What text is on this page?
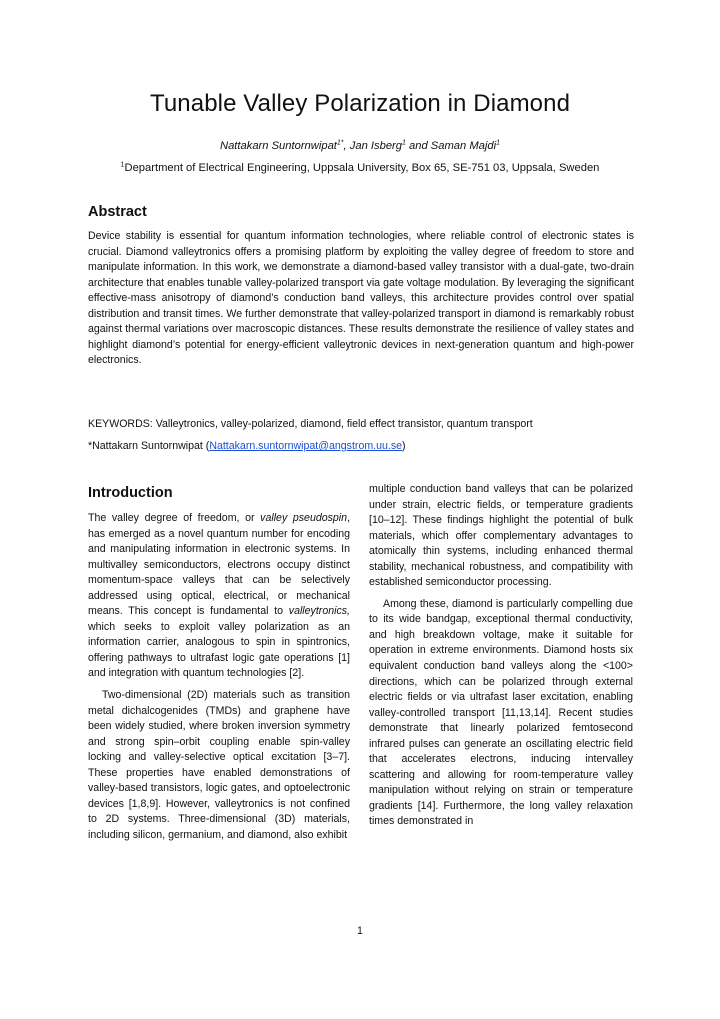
Tunable Valley Polarization in Diamond
Nattakarn Suntornwipat$^{1*}$, Jan Isberg$^1$ and Saman Majdi$^1$
$^1$Department of Electrical Engineering, Uppsala University, Box 65, SE-751 03, Uppsala, Sweden
Abstract

Device stability is essential for quantum information technologies, where reliable control of electronic states is crucial. Diamond valleytronics offers a promising platform by exploiting the valley degree of freedom to store and manipulate information. In this work, we demonstrate a diamond-based valley transistor with a dual-gate, two-drain architecture that enables tunable valley-polarized transport via gate voltage modulation. By leveraging the significant effective-mass anisotropy of diamond’s conduction band valleys, this architecture provides control over spatial distribution and transit times. We further demonstrate that valley-polarized transport in diamond is remarkably robust against thermal variations over macroscopic distances. These results demonstrate the resilience of valley states and highlight diamond’s potential for energy-efficient valleytronic devices in next-generation quantum and high-power electronics.

KEYWORDS: Valleytronics, valley-polarized, diamond, field effect transistor, quantum transport

*Nattakarn Suntornwipat (Nattakarn.suntornwipat@angstrom.uu.se)

Introduction

The valley degree of freedom, or valley pseudospin, has emerged as a novel quantum number for encoding and manipulating information in electronic systems. In multivalley semiconductors, electrons occupy distinct momentum-space valleys that can be selectively addressed using optical, electrical, or mechanical means. This concept is fundamental to valleytronics, which seeks to exploit valley polarization as an information carrier, analogous to spin in spintronics, offering pathways to ultrafast logic gate operations [1] and integration with quantum technologies [2].

Two-dimensional (2D) materials such as transition metal dichalcogenides (TMDs) and graphene have been widely studied, where broken inversion symmetry and strong spin–orbit coupling enable spin-valley locking and valley-selective optical excitation [3–7]. These properties have enabled demonstrations of valley-based transistors, logic gates, and optoelectronic devices [1,8,9]. However, valleytronics is not confined to 2D systems. Three-dimensional (3D) materials, including silicon, germanium, and diamond, also exhibit

multiple conduction band valleys that can be polarized under strain, electric fields, or temperature gradients [10–12]. These findings highlight the potential of bulk materials, which offer complementary advantages to atomically thin systems, including enhanced thermal stability, mechanical robustness, and compatibility with established semiconductor processing.

Among these, diamond is particularly compelling due to its wide bandgap, exceptional thermal conductivity, and high breakdown voltage, make it suitable for operation in extreme environments. Diamond hosts six equivalent conduction band valleys along the <100> directions, which can be polarized through external electric fields or via ultrafast laser excitation, enabling valley-controlled transport [11,13,14]. Recent studies demonstrate that linearly polarized femtosecond infrared pulses can generate an oscillating electric field that accelerates electrons, inducing intervalley scattering and allowing for room-temperature valley manipulation without relying on strain or temperature gradients [14]. Furthermore, the long valley relaxation times demonstrated in

1
